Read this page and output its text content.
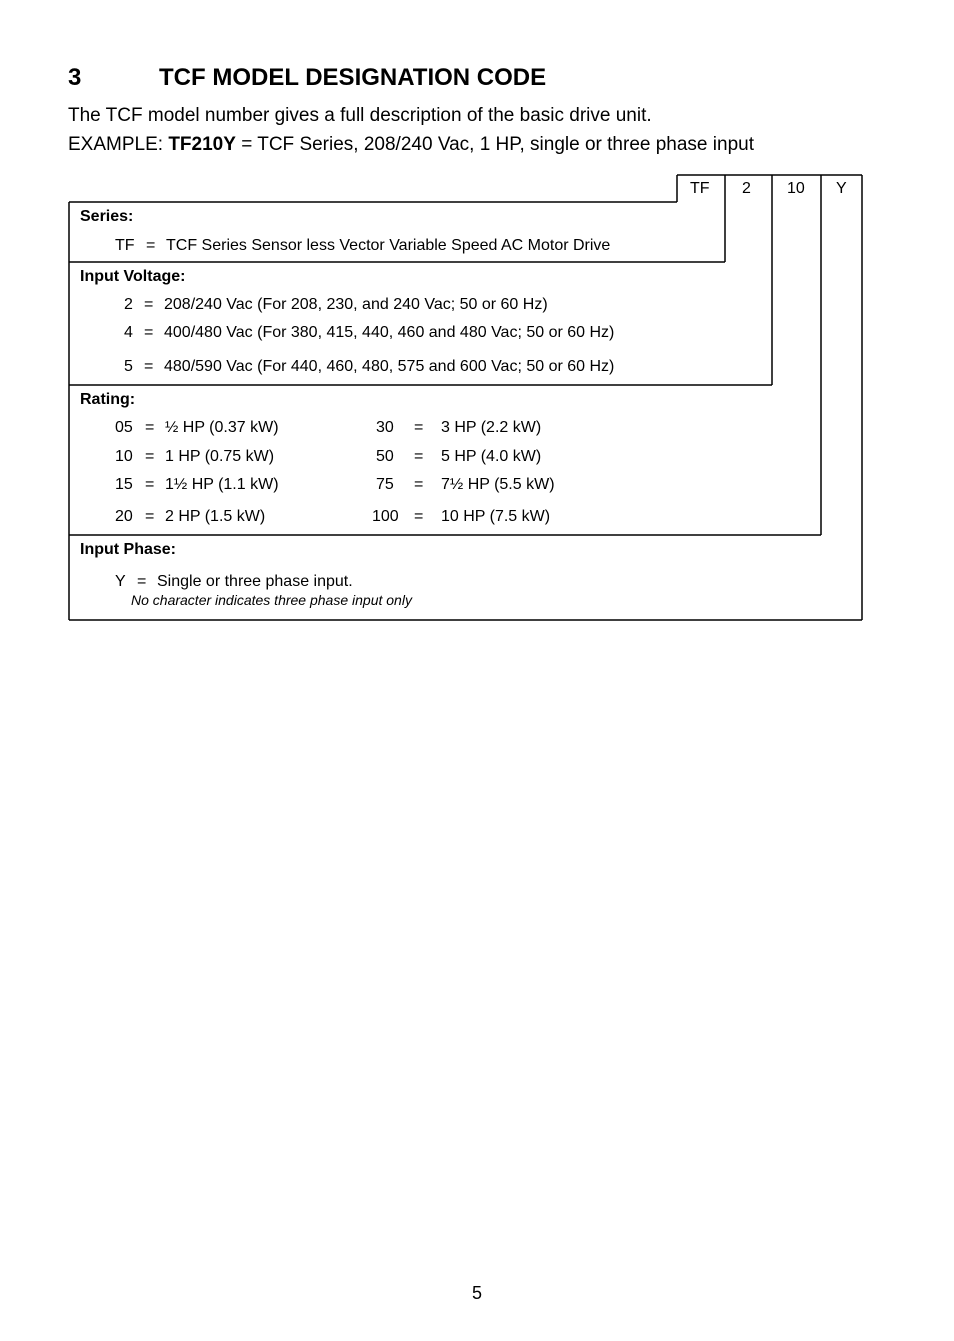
3	TCF MODEL DESIGNATION CODE
The TCF model number gives a full description of the basic drive unit.
EXAMPLE: TF210Y = TCF Series, 208/240 Vac, 1 HP, single or three phase input
TF 2 10 Y
Series:
TF = TCF Series Sensor less Vector Variable Speed AC Motor Drive
Input Voltage:
2 = 208/240 Vac (For 208, 230, and 240 Vac; 50 or 60 Hz)
4 = 400/480 Vac (For 380, 415, 440, 460 and 480 Vac; 50 or 60 Hz)
5 = 480/590 Vac (For 440, 460, 480, 575 and 600 Vac; 50 or 60 Hz)
Rating:
05 = ½ HP (0.37 kW)
10 = 1 HP (0.75 kW)
15 = 1½ HP (1.1 kW)
20 = 2 HP (1.5 kW)
30 = 3 HP (2.2 kW)
50 = 5 HP (4.0 kW)
75 = 7½ HP (5.5 kW)
100 = 10 HP (7.5 kW)
Input Phase:
Y = Single or three phase input.
No character indicates three phase input only
5
